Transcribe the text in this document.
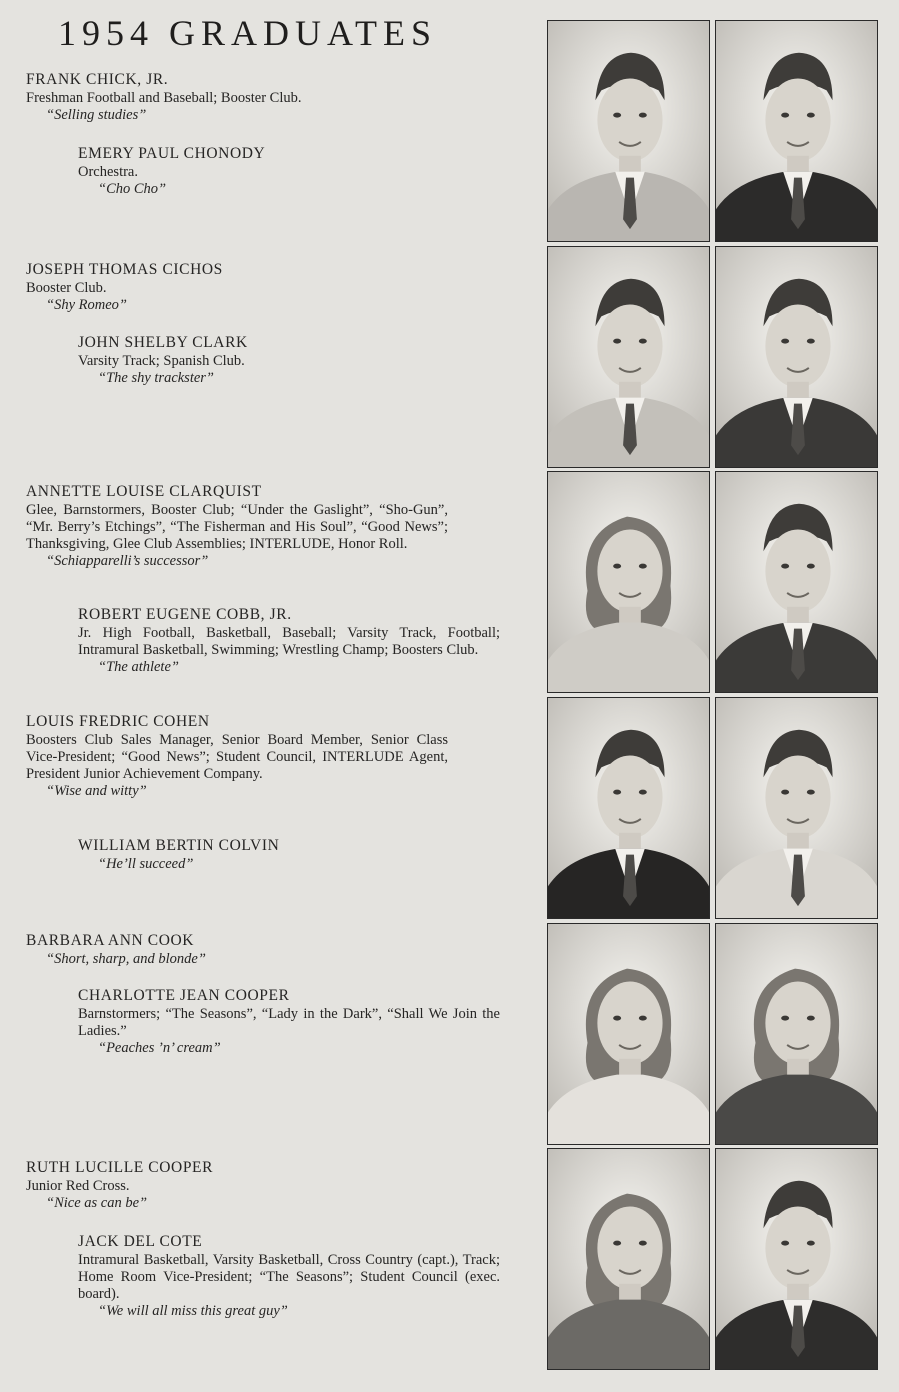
1954 GRADUATES
FRANK CHICK, JR.
Freshman Football and Baseball; Booster Club.
“Selling studies”
EMERY PAUL CHONODY
Orchestra.
“Cho Cho”
JOSEPH THOMAS CICHOS
Booster Club.
“Shy Romeo”
JOHN SHELBY CLARK
Varsity Track; Spanish Club.
“The shy trackster”
ANNETTE LOUISE CLARQUIST
Glee, Barnstormers, Booster Club; “Under the Gaslight”, “Sho-Gun”, “Mr. Berry’s Etchings”, “The Fisherman and His Soul”, “Good News”; Thanksgiving, Glee Club Assemblies; INTERLUDE, Honor Roll.
“Schiapparelli’s successor”
ROBERT EUGENE COBB, JR.
Jr. High Football, Basketball, Baseball; Varsity Track, Football; Intramural Basketball, Swimming; Wrestling Champ; Boosters Club.
“The athlete”
LOUIS FREDRIC COHEN
Boosters Club Sales Manager, Senior Board Member, Senior Class Vice-President; “Good News”; Student Council, INTERLUDE Agent, President Junior Achievement Company.
“Wise and witty”
WILLIAM BERTIN COLVIN
“He’ll succeed”
BARBARA ANN COOK
“Short, sharp, and blonde”
CHARLOTTE JEAN COOPER
Barnstormers; “The Seasons”, “Lady in the Dark”, “Shall We Join the Ladies.”
“Peaches ’n’ cream”
RUTH LUCILLE COOPER
Junior Red Cross.
“Nice as can be”
JACK DEL COTE
Intramural Basketball, Varsity Basketball, Cross Country (capt.), Track; Home Room Vice-President; “The Seasons”; Student Council (exec. board).
“We will all miss this great guy”
